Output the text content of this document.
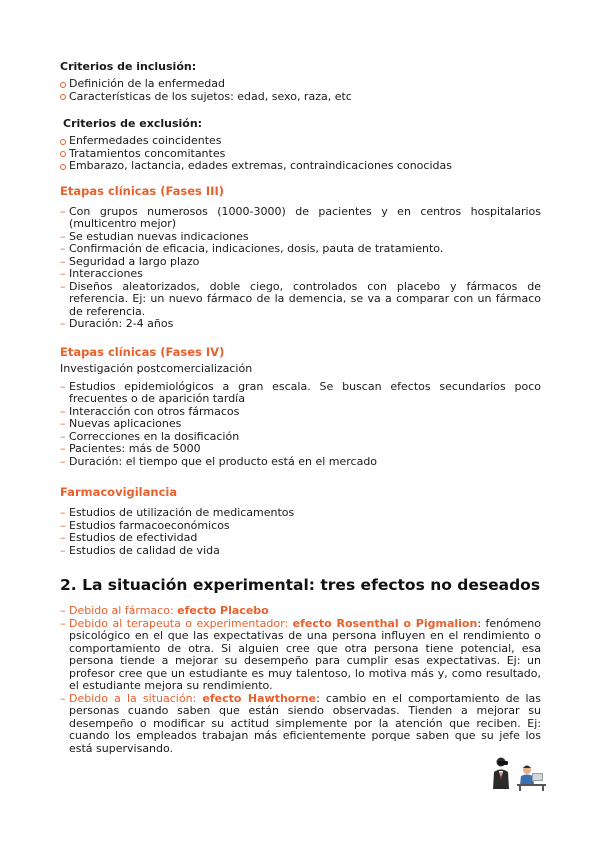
Criterios de inclusión:
Definición de la enfermedad
Características de los sujetos: edad, sexo, raza, etc
Criterios de exclusión:
Enfermedades coincidentes
Tratamientos concomitantes
Embarazo, lactancia, edades extremas, contraindicaciones conocidas
Etapas clínicas (Fases III)
– Con grupos numerosos (1000-3000) de pacientes y en centros hospitalarios (multicentro mejor)
– Se estudian nuevas indicaciones
– Confirmación de eficacia, indicaciones, dosis, pauta de tratamiento.
– Seguridad a largo plazo
– Interacciones
– Diseños aleatorizados, doble ciego, controlados con placebo y fármacos de referencia. Ej: un nuevo fármaco de la demencia, se va a comparar con un fármaco de referencia.
– Duración: 2-4 años
Etapas clínicas (Fases IV)
Investigación postcomercialización
– Estudios epidemiológicos a gran escala. Se buscan efectos secundarios poco frecuentes o de aparición tardía
– Interacción con otros fármacos
– Nuevas aplicaciones
– Correcciones en la dosificación
– Pacientes: más de 5000
– Duración: el tiempo que el producto está en el mercado
Farmacovigilancia
– Estudios de utilización de medicamentos
– Estudios farmacoeconómicos
– Estudios de efectividad
– Estudios de calidad de vida
2. La situación experimental: tres efectos no deseados
– Debido al fármaco: efecto Placebo
– Debido al terapeuta o experimentador: efecto Rosenthal o Pigmalion: fenómeno psicológico en el que las expectativas de una persona influyen en el rendimiento o comportamiento de otra. Si alguien cree que otra persona tiene potencial, esa persona tiende a mejorar su desempeño para cumplir esas expectativas. Ej: un profesor cree que un estudiante es muy talentoso, lo motiva más y, como resultado, el estudiante mejora su rendimiento.
– Debido a la situación: efecto Hawthorne: cambio en el comportamiento de las personas cuando saben que están siendo observadas. Tienden a mejorar su desempeño o modificar su actitud simplemente por la atención que reciben. Ej: cuando los empleados trabajan más eficientemente porque saben que su jefe los está supervisando.
